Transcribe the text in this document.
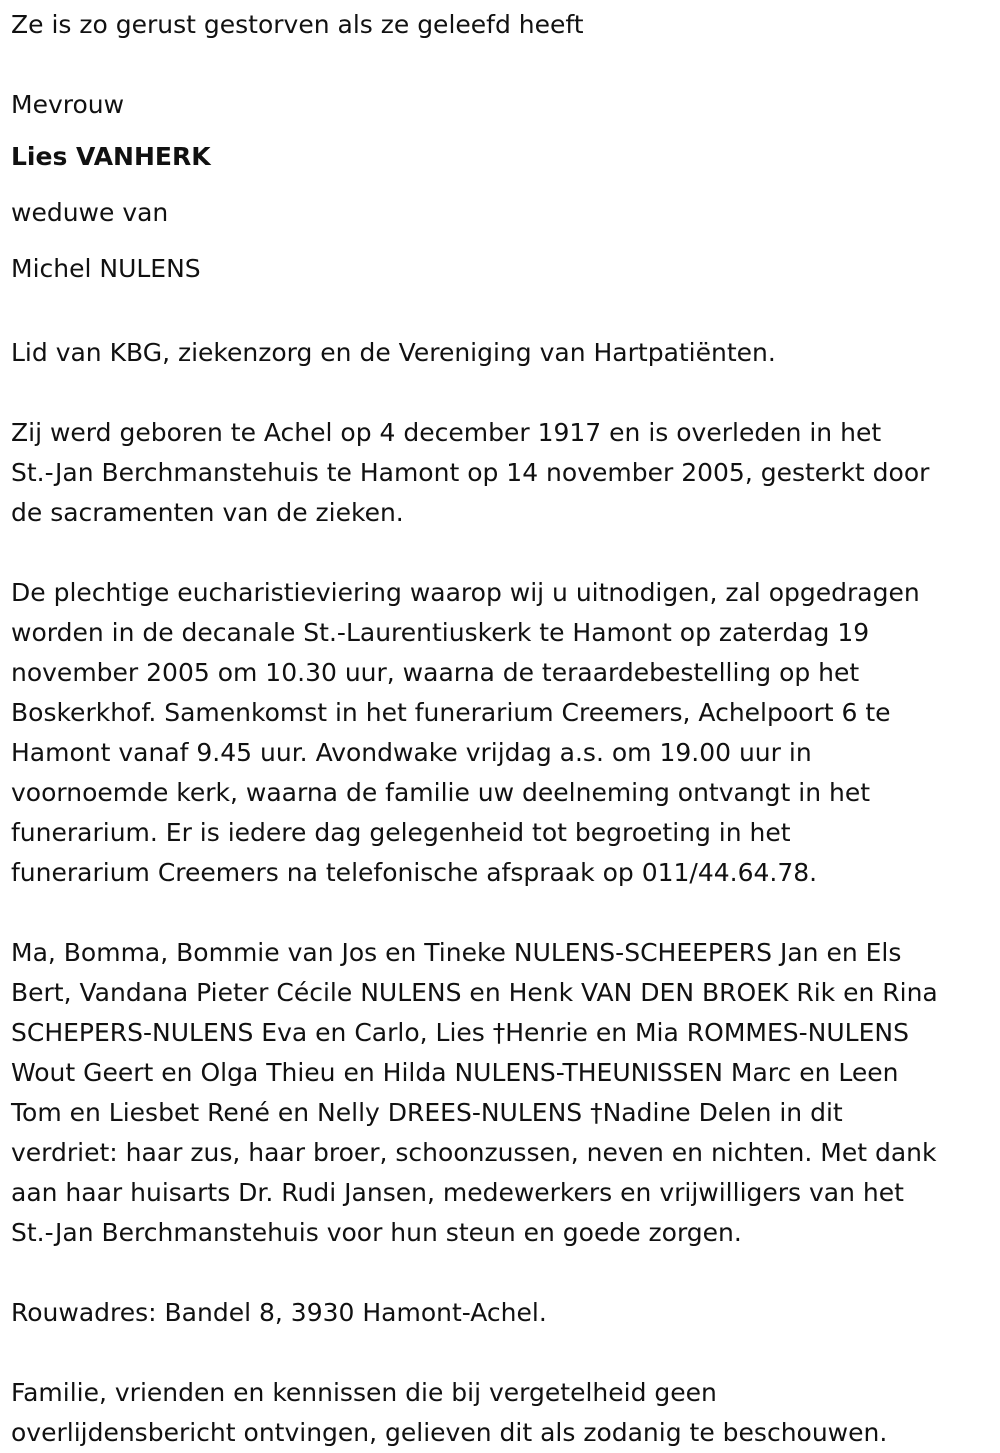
Ze is zo gerust gestorven als ze geleefd heeft

Mevrouw

Lies VANHERK

weduwe van

Michel NULENS

Lid van KBG, ziekenzorg en de Vereniging van Hartpatiënten.

Zij werd geboren te Achel op 4 december 1917 en is overleden in het

St.-Jan Berchmanstehuis te Hamont op 14 november 2005, gesterkt door

de sacramenten van de zieken.

De plechtige eucharistieviering waarop wij u uitnodigen, zal opgedragen

worden in de decanale St.-Laurentiuskerk te Hamont op zaterdag 19

november 2005 om 10.30 uur, waarna de teraardebestelling op het

Boskerkhof. Samenkomst in het funerarium Creemers, Achelpoort 6 te

Hamont vanaf 9.45 uur. Avondwake vrijdag a.s. om 19.00 uur in

voornoemde kerk, waarna de familie uw deelneming ontvangt in het

funerarium. Er is iedere dag gelegenheid tot begroeting in het

funerarium Creemers na telefonische afspraak op 011/44.64.78.

Ma, Bomma, Bommie van Jos en Tineke NULENS-SCHEEPERS Jan en Els

Bert, Vandana Pieter Cécile NULENS en Henk VAN DEN BROEK Rik en Rina

SCHEPERS-NULENS Eva en Carlo, Lies †Henrie en Mia ROMMES-NULENS

Wout Geert en Olga Thieu en Hilda NULENS-THEUNISSEN Marc en Leen

Tom en Liesbet René en Nelly DREES-NULENS †Nadine Delen in dit

verdriet: haar zus, haar broer, schoonzussen, neven en nichten. Met dank

aan haar huisarts Dr. Rudi Jansen, medewerkers en vrijwilligers van het

St.-Jan Berchmanstehuis voor hun steun en goede zorgen.

Rouwadres: Bandel 8, 3930 Hamont-Achel.

Familie, vrienden en kennissen die bij vergetelheid geen

overlijdensbericht ontvingen, gelieven dit als zodanig te beschouwen.
